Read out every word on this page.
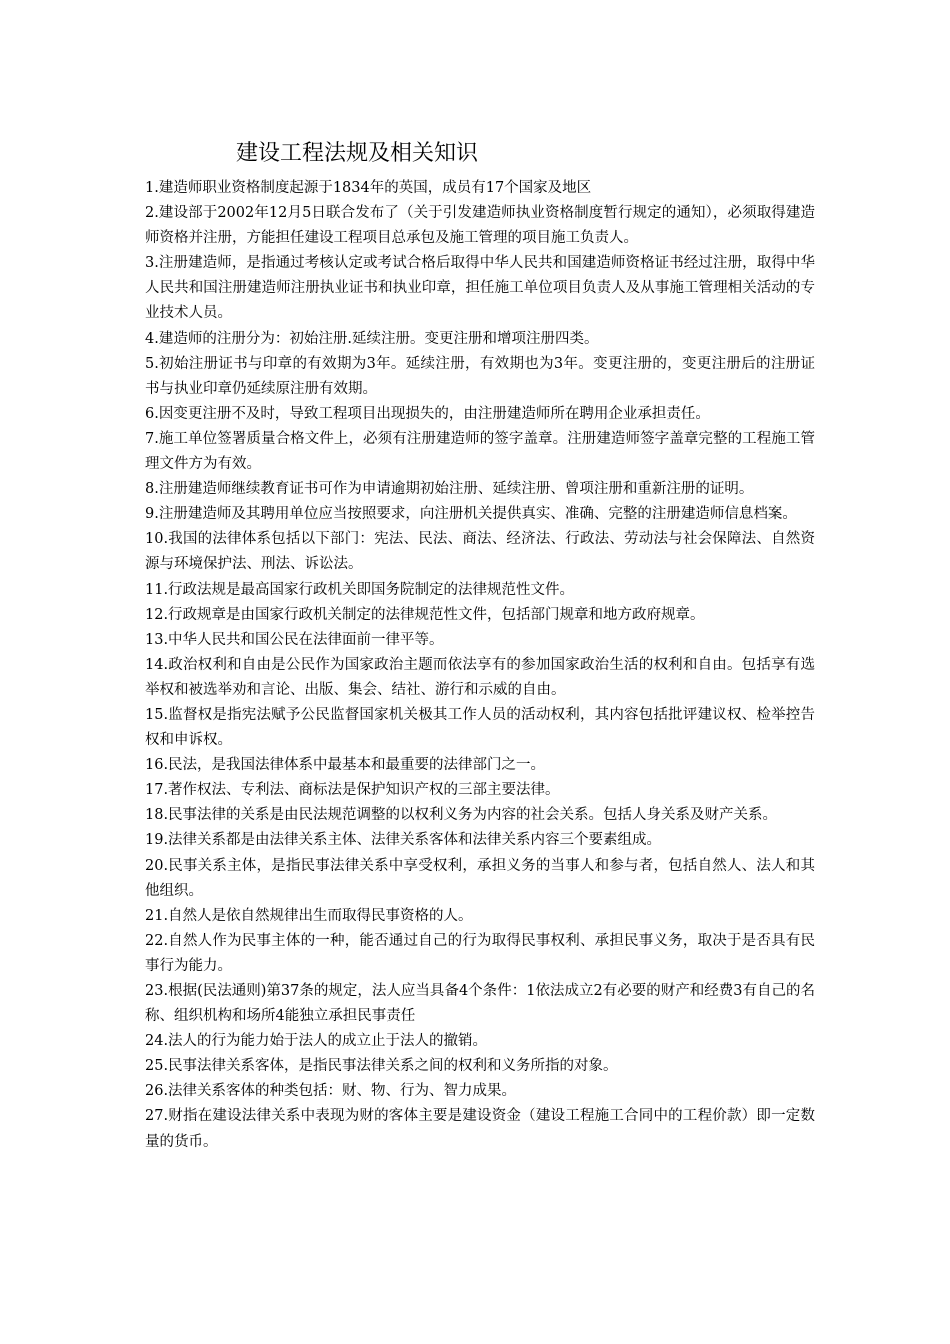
建设工程法规及相关知识

1.建造师职业资格制度起源于1834年的英国，成员有17个国家及地区

2.建设部于2002年12月5日联合发布了（关于引发建造师执业资格制度暂行规定的通知），必须取得建造师资格并注册，方能担任建设工程项目总承包及施工管理的项目施工负责人。

3.注册建造师，是指通过考核认定或考试合格后取得中华人民共和国建造师资格证书经过注册，取得中华人民共和国注册建造师注册执业证书和执业印章，担任施工单位项目负责人及从事施工管理相关活动的专业技术人员。

4.建造师的注册分为：初始注册.延续注册。变更注册和增项注册四类。

5.初始注册证书与印章的有效期为3年。延续注册，有效期也为3年。变更注册的，变更注册后的注册证书与执业印章仍延续原注册有效期。

6.因变更注册不及时，导致工程项目出现损失的，由注册建造师所在聘用企业承担责任。

7.施工单位签署质量合格文件上，必须有注册建造师的签字盖章。注册建造师签字盖章完整的工程施工管理文件方为有效。

8.注册建造师继续教育证书可作为申请逾期初始注册、延续注册、曾项注册和重新注册的证明。

9.注册建造师及其聘用单位应当按照要求，向注册机关提供真实、准确、完整的注册建造师信息档案。

10.我国的法律体系包括以下部门：宪法、民法、商法、经济法、行政法、劳动法与社会保障法、自然资源与环境保护法、刑法、诉讼法。

11.行政法规是最高国家行政机关即国务院制定的法律规范性文件。

12.行政规章是由国家行政机关制定的法律规范性文件，包括部门规章和地方政府规章。

13.中华人民共和国公民在法律面前一律平等。

14.政治权利和自由是公民作为国家政治主题而依法享有的参加国家政治生活的权利和自由。包括享有选举权和被选举劝和言论、出版、集会、结社、游行和示威的自由。

15.监督权是指宪法赋予公民监督国家机关极其工作人员的活动权利，其内容包括批评建议权、检举控告权和申诉权。

16.民法，是我国法律体系中最基本和最重要的法律部门之一。

17.著作权法、专利法、商标法是保护知识产权的三部主要法律。

18.民事法律的关系是由民法规范调整的以权利义务为内容的社会关系。包括人身关系及财产关系。

19.法律关系都是由法律关系主体、法律关系客体和法律关系内容三个要素组成。

20.民事关系主体，是指民事法律关系中享受权利，承担义务的当事人和参与者，包括自然人、法人和其他组织。

21.自然人是依自然规律出生而取得民事资格的人。

22.自然人作为民事主体的一种，能否通过自己的行为取得民事权利、承担民事义务，取决于是否具有民事行为能力。

23.根据(民法通则)第37条的规定，法人应当具备4个条件：1依法成立2有必要的财产和经费3有自己的名称、组织机构和场所4能独立承担民事责任

24.法人的行为能力始于法人的成立止于法人的撤销。

25.民事法律关系客体，是指民事法律关系之间的权利和义务所指的对象。

26.法律关系客体的种类包括：财、物、行为、智力成果。

27.财指在建设法律关系中表现为财的客体主要是建设资金（建设工程施工合同中的工程价款）即一定数量的货币。
